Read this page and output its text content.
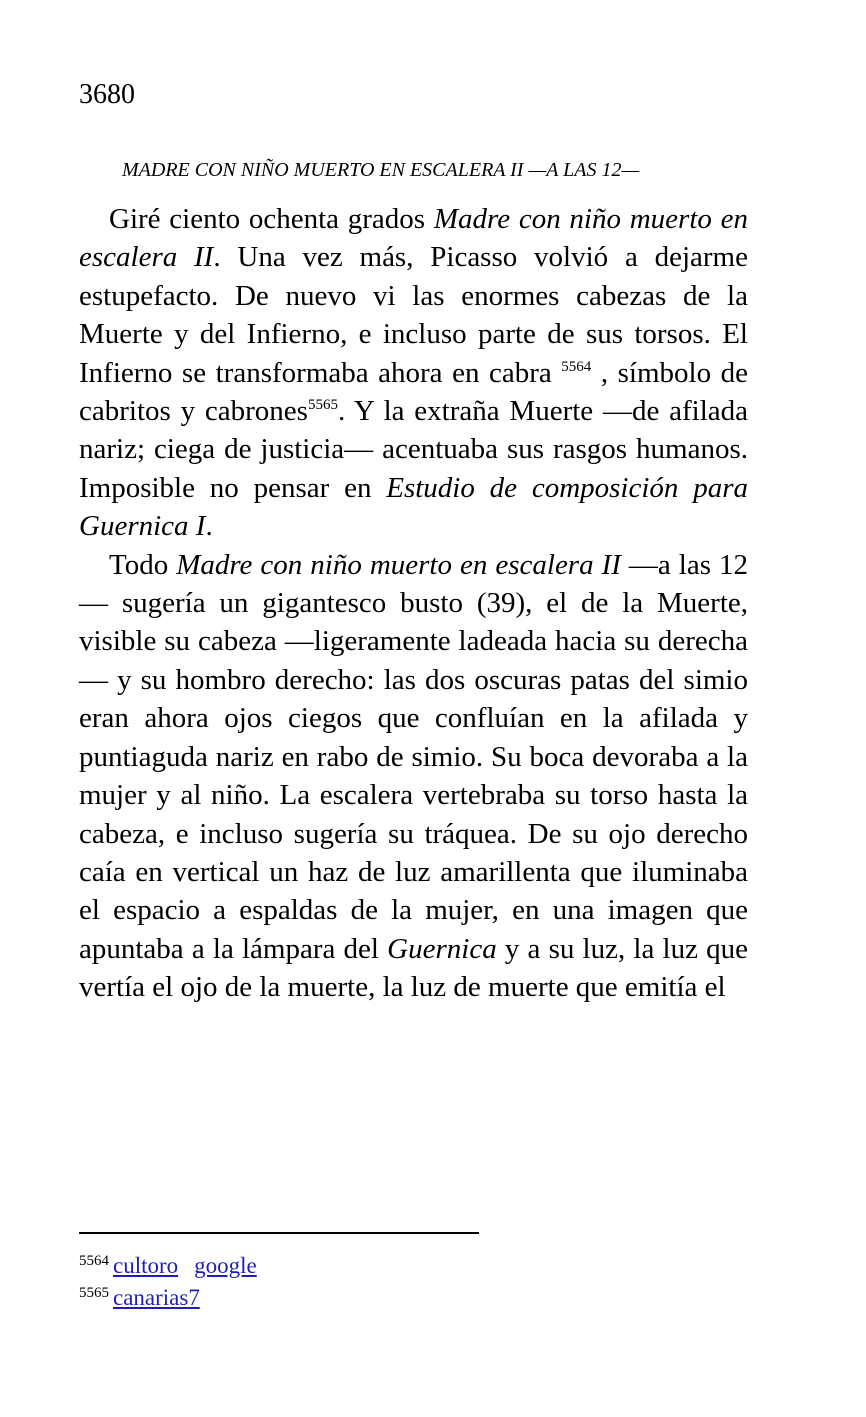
3680
MADRE CON NIÑO MUERTO EN ESCALERA II —A LAS 12—

Giré ciento ochenta grados Madre con niño muerto en escalera II. Una vez más, Picasso volvió a dejarme estupefacto. De nuevo vi las enormes cabezas de la Muerte y del Infierno, e incluso parte de sus torsos. El Infierno se transformaba ahora en cabra $^{5564}$ , símbolo de cabritos y cabrones$^{5565}$. Y la extraña Muerte —de afilada nariz; ciega de justicia— acentuaba sus rasgos humanos. Imposible no pensar en Estudio de composición para Guernica I.

Todo Madre con niño muerto en escalera II —a las 12— sugería un gigantesco busto (39), el de la Muerte, visible su cabeza —ligeramente ladeada hacia su derecha— y su hombro derecho: las dos oscuras patas del simio eran ahora ojos ciegos que confluían en la afilada y puntiaguda nariz en rabo de simio. Su boca devoraba a la mujer y al niño. La escalera vertebraba su torso hasta la cabeza, e incluso sugería su tráquea. De su ojo derecho caía en vertical un haz de luz amarillenta que iluminaba el espacio a espaldas de la mujer, en una imagen que apuntaba a la lámpara del Guernica y a su luz, la luz que vertía el ojo de la muerte, la luz de muerte que emitía el

$^{5564}$ cultoro google
$^{5565}$ canarias7
